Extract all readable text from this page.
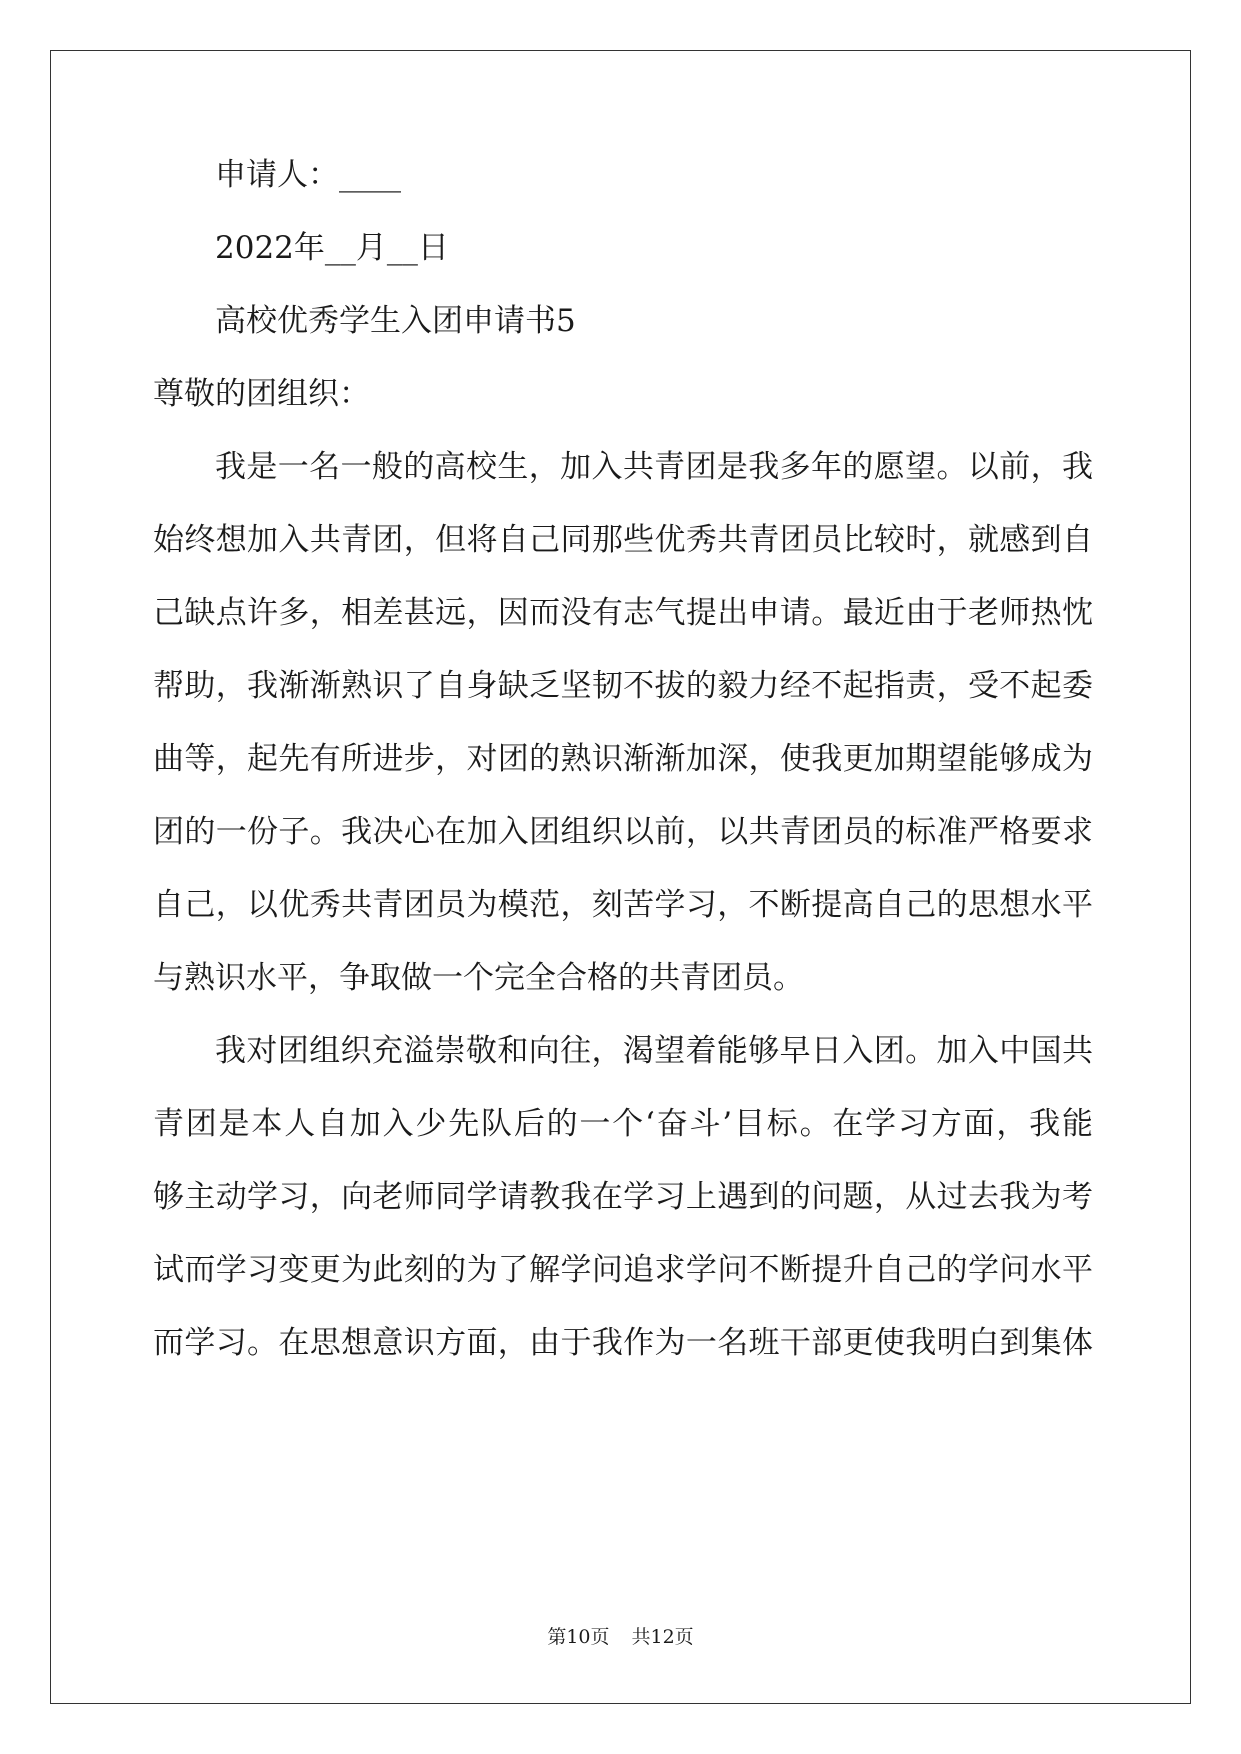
申请人：____
2022年__月__日
高校优秀学生入团申请书5
尊敬的团组织：
我是一名一般的高校生，加入共青团是我多年的愿望。以前，我
始终想加入共青团，但将自己同那些优秀共青团员比较时，就感到自
己缺点许多，相差甚远，因而没有志气提出申请。最近由于老师热忱
帮助，我渐渐熟识了自身缺乏坚韧不拔的毅力经不起指责，受不起委
曲等，起先有所进步，对团的熟识渐渐加深，使我更加期望能够成为
团的一份子。我决心在加入团组织以前，以共青团员的标准严格要求
自己，以优秀共青团员为模范，刻苦学习，不断提高自己的思想水平
与熟识水平，争取做一个完全合格的共青团员。
我对团组织充溢崇敬和向往，渴望着能够早日入团。加入中国共
青团是本人自加入少先队后的一个‘奋斗’目标。在学习方面，我能
够主动学习，向老师同学请教我在学习上遇到的问题，从过去我为考
试而学习变更为此刻的为了解学问追求学问不断提升自己的学问水平
而学习。在思想意识方面，由于我作为一名班干部更使我明白到集体
第10页 共12页
